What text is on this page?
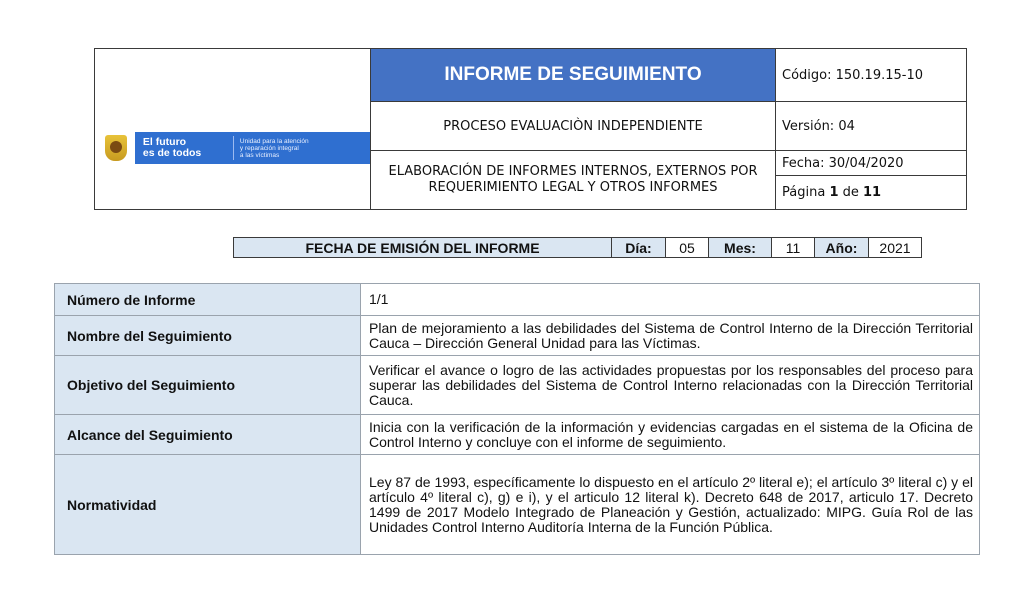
El futuro
es de todos
Unidad para la atención
y reparación integral
a las víctimas	INFORME DE SEGUIMIENTO	Código: 150.19.15-10
	PROCESO EVALUACIÒN INDEPENDIENTE	Versión: 04
	ELABORACIÓN DE INFORMES INTERNOS, EXTERNOS POR REQUERIMIENTO LEGAL Y OTROS INFORMES	Fecha: 30/04/2020
		Página 1 de 11
FECHA DE EMISIÓN DEL INFORME	Día:	05	Mes:	11	Año:	2021
Número de Informe	1/1
Nombre del Seguimiento	Plan de mejoramiento a las debilidades del Sistema de Control Interno de la Dirección Territorial Cauca – Dirección General Unidad para las Víctimas.
Objetivo del Seguimiento	Verificar el avance o logro de las actividades propuestas por los responsables del proceso para superar las debilidades del Sistema de Control Interno relacionadas con la Dirección Territorial Cauca.
Alcance del Seguimiento	Inicia con la verificación de la información y evidencias cargadas en el sistema de la Oficina de Control Interno y concluye con el informe de seguimiento.
Normatividad	Ley 87 de 1993, específicamente lo dispuesto en el artículo 2º literal e); el artículo 3º literal c) y el artículo 4º literal c), g) e i), y el articulo 12 literal k). Decreto 648 de 2017, articulo 17. Decreto 1499 de 2017 Modelo Integrado de Planeación y Gestión, actualizado: MIPG. Guía Rol de las Unidades Control Interno Auditoría Interna de la Función Pública.
